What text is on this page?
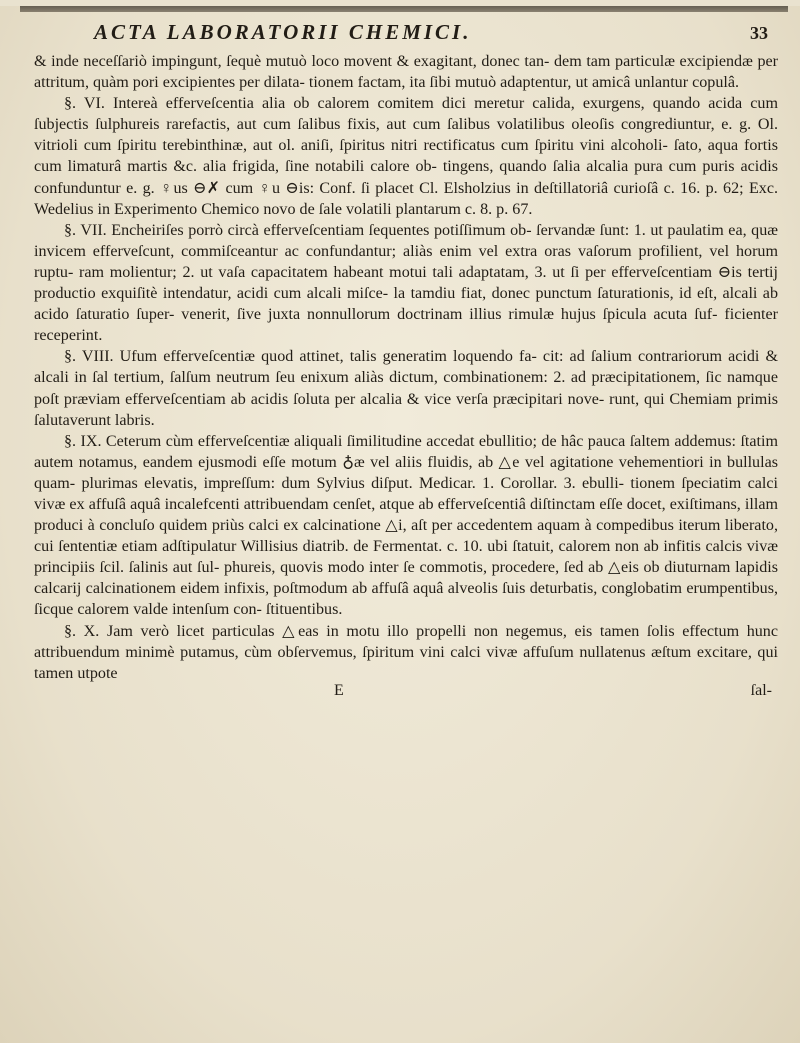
ACTA LABORATORII CHEMICI.	33

& inde neceſſariò impingunt, ſequè mutuò loco movent & exagitant, donec tan- dem tam particulæ excipiendæ per attritum, quàm pori excipientes per dilata- tionem factam, ita ſibi mutuò adaptentur, ut amicâ unlantur copulâ.

§. VI. Intereà efferveſcentia alia ob calorem comitem dici meretur calida, exurgens, quando acida cum ſubjectis ſulphureis rarefactis, aut cum ſalibus fixis, aut cum ſalibus volatilibus oleoſis congrediuntur, e. g. Ol. vitrioli cum ſpiritu terebinthinæ, aut ol. aniſi, ſpiritus nitri rectificatus cum ſpiritu vini alcoholi- ſato, aqua fortis cum limaturâ martis &c. alia frigida, ſine notabili calore ob- tingens, quando ſalia alcalia pura cum puris acidis confunduntur e. g. ♀us ⊖✗ cum ♀u ⊖is: Conf. ſi placet Cl. Elsholzius in deſtillatoriâ curioſâ c. 16. p. 62; Exc. Wedelius in Experimento Chemico novo de ſale volatili plantarum c. 8. p. 67.

§. VII. Encheiriſes porrò circà efferveſcentiam ſequentes potiſſimum ob- ſervandæ ſunt: 1. ut paulatim ea, quæ invicem efferveſcunt, commiſceantur ac confundantur; aliàs enim vel extra oras vaſorum profilient, vel horum ruptu- ram molientur; 2. ut vaſa capacitatem habeant motui tali adaptatam, 3. ut ſi per efferveſcentiam ⊖is tertij productio exquiſitè intendatur, acidi cum alcali miſce- la tamdiu fiat, donec punctum ſaturationis, id eſt, alcali ab acido ſaturatio ſuper- venerit, ſive juxta nonnullorum doctrinam illius rimulæ hujus ſpicula acuta ſuf- ficienter receperint.

§. VIII. Ufum efferveſcentiæ quod attinet, talis generatim loquendo fa- cit: ad ſalium contrariorum acidi & alcali in ſal tertium, ſalſum neutrum ſeu enixum aliàs dictum, combinationem: 2. ad præcipitationem, ſic namque poſt præviam efferveſcentiam ab acidis ſoluta per alcalia & vice verſa præcipitari nove- runt, qui Chemiam primis ſalutaverunt labris.

§. IX. Ceterum cùm efferveſcentiæ aliquali ſimilitudine accedat ebullitio; de hâc pauca ſaltem addemus: ſtatim autem notamus, eandem ejusmodi eſſe motum ♁æ vel aliis fluidis, ab △e vel agitatione vehementiori in bullulas quam- plurimas elevatis, impreſſum: dum Sylvius diſput. Medicar. 1. Corollar. 3. ebulli- tionem ſpeciatim calci vivæ ex affuſâ aquâ incalefcenti attribuendam cenſet, atque ab efferveſcentiâ diſtinctam eſſe docet, exiſtimans, illam produci à concluſo quidem priùs calci ex calcinatione △i, aſt per accedentem aquam à compedibus iterum liberato, cui ſententiæ etiam adſtipulatur Willisius diatrib. de Fermentat. c. 10. ubi ſtatuit, calorem non ab infitis calcis vivæ principiis ſcil. ſalinis aut ſul- phureis, quovis modo inter ſe commotis, procedere, ſed ab △eis ob diuturnam lapidis calcarij calcinationem eidem infixis, poſtmodum ab affuſâ aquâ alveolis ſuis deturbatis, conglobatim erumpentibus, ſicque calorem valde intenſum con- ſtituentibus.

§. X. Jam verò licet particulas △eas in motu illo propelli non negemus, eis tamen ſolis effectum hunc attribuendum minimè putamus, cùm obſervemus, ſpiritum vini calci vivæ affuſum nullatenus æſtum excitare, qui tamen utpote

E	ſal-
